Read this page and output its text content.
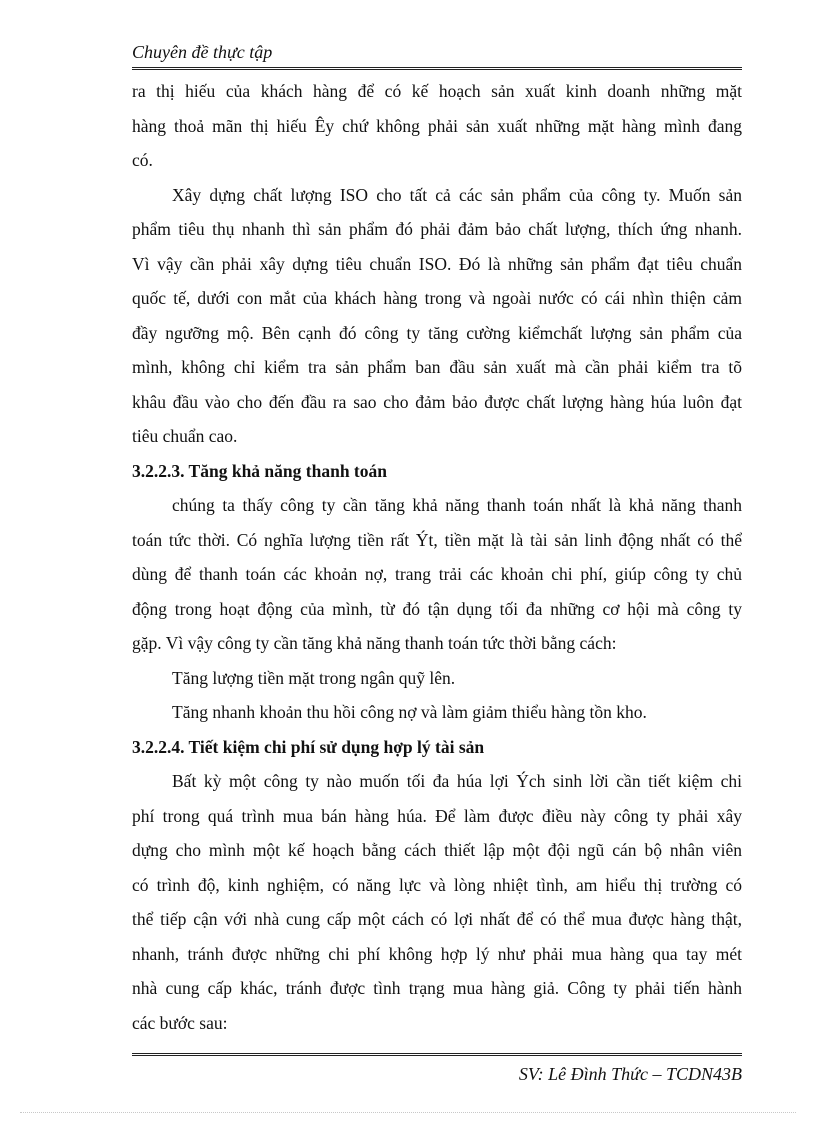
Chuyên đề thực tập
ra thị hiếu của khách hàng để có kế hoạch sản xuất kinh doanh những mặt
hàng thoả mãn thị hiếu Êy chứ không phải sản xuất những mặt hàng mình đang
có.
Xây dựng chất lượng ISO cho tất cả các sản phẩm của công ty. Muốn sản
phẩm tiêu thụ nhanh thì sản phẩm đó phải đảm bảo chất lượng, thích ứng nhanh.
Vì vậy cần phải xây dựng tiêu chuẩn ISO. Đó là những sản phẩm đạt tiêu chuẩn
quốc tế, dưới con mắt của khách hàng trong và ngoài nước có cái nhìn thiện cảm
đầy ngưỡng mộ. Bên cạnh đó công ty tăng cường kiểmchất lượng sản phẩm của
mình, không chỉ kiểm tra sản phẩm ban đầu sản xuất mà cần phải kiểm tra tõ
khâu đầu vào cho đến đầu ra sao cho đảm bảo được chất lượng hàng húa luôn đạt
tiêu chuẩn cao.
3.2.2.3. Tăng khả năng thanh toán
chúng ta thấy công ty cần tăng khả năng thanh toán nhất là khả năng thanh
toán tức thời. Có nghĩa lượng tiền rất Ýt, tiền mặt là tài sản linh động nhất có thể
dùng để thanh toán các khoản nợ, trang trải các khoản chi phí, giúp công ty chủ
động trong hoạt động của mình, từ đó tận dụng tối đa những cơ hội mà công ty
gặp. Vì vậy công ty cần tăng khả năng thanh toán tức thời bằng cách:
Tăng lượng tiền mặt trong ngân quỹ lên.
Tăng nhanh khoản thu hồi công nợ và làm giảm thiểu hàng tồn kho.
3.2.2.4. Tiết kiệm chi phí sử dụng hợp lý tài sản
Bất kỳ một công ty nào muốn tối đa húa lợi Ých sinh lời cần tiết kiệm chi
phí trong quá trình mua bán hàng húa. Để làm được điều này công ty phải xây
dựng cho mình một kế hoạch bằng cách thiết lập một đội ngũ cán bộ nhân viên
có trình độ, kinh nghiệm, có năng lực và lòng nhiệt tình, am hiểu thị trường có
thể tiếp cận với nhà cung cấp một cách có lợi nhất để có thể mua được hàng thật,
nhanh, tránh được những chi phí không hợp lý như phải mua hàng qua tay mét
nhà cung cấp khác, tránh được tình trạng mua hàng giả. Công ty phải tiến hành
các bước sau:
SV: Lê Đình Thức – TCDN43B
